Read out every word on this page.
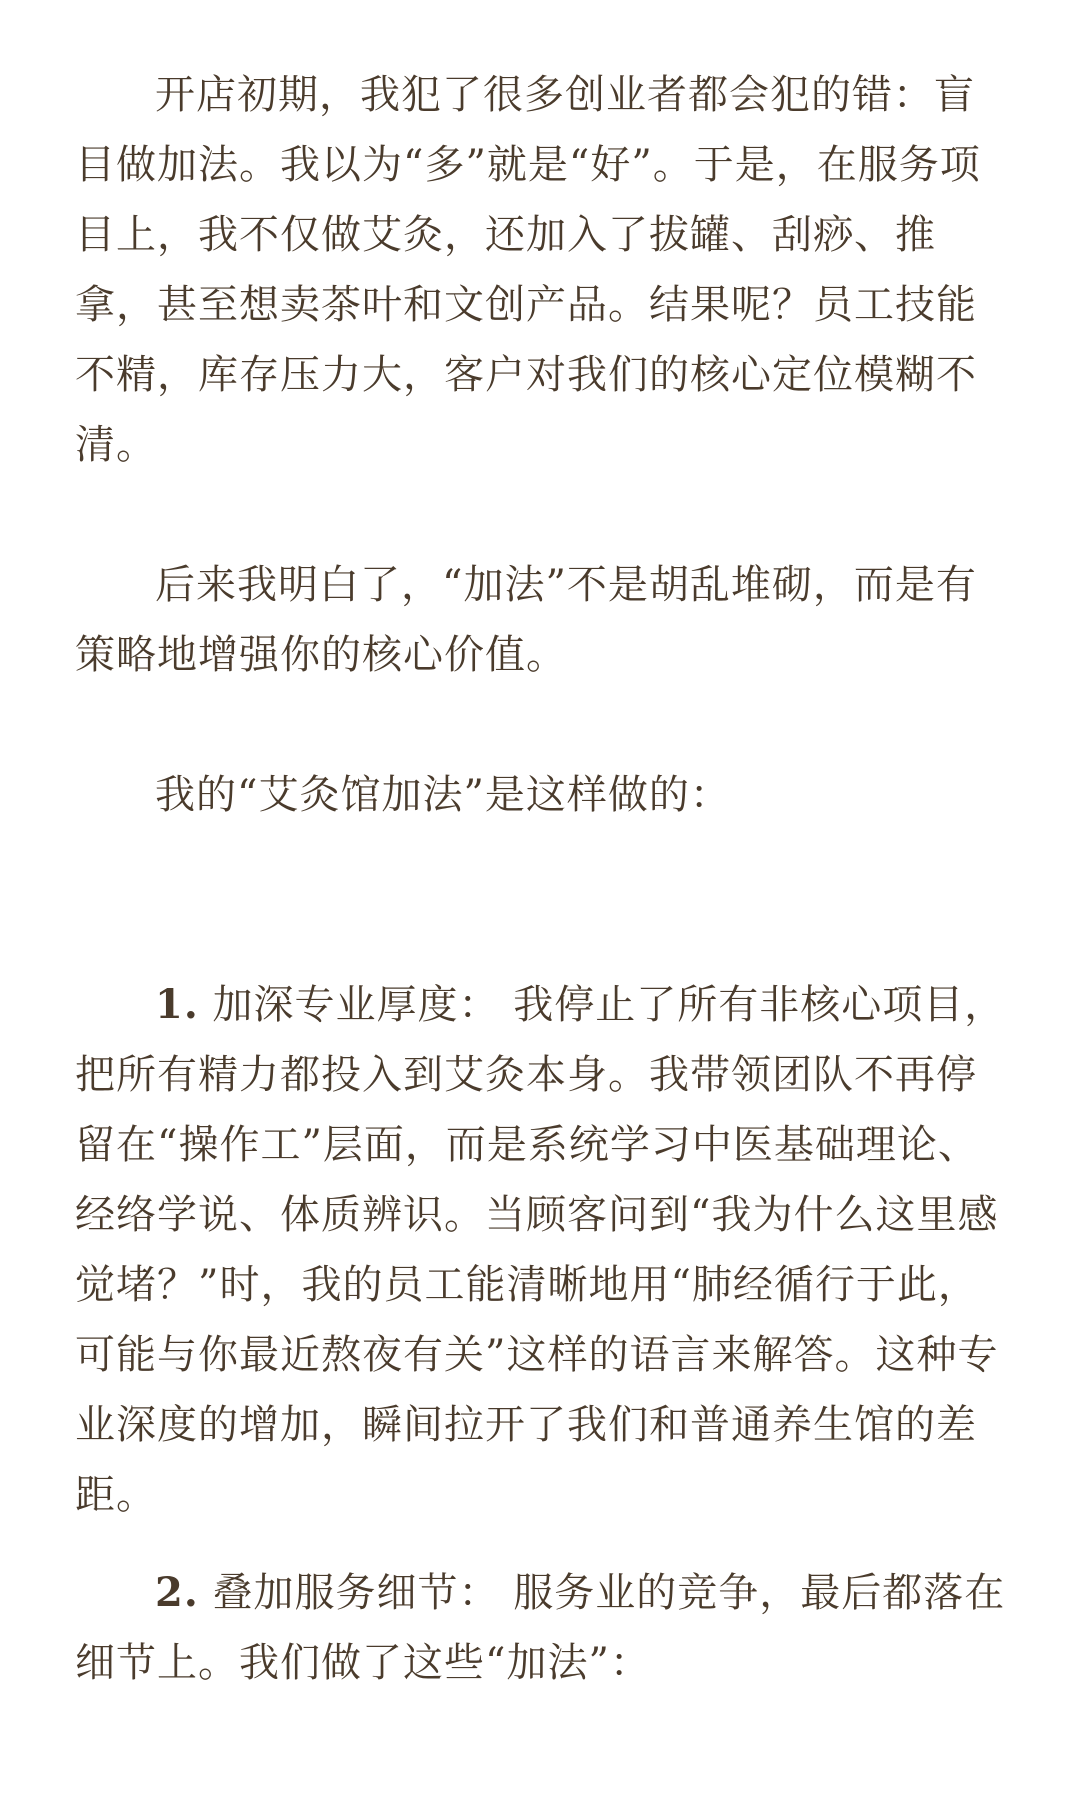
开店初期，我犯了很多创业者都会犯的错：盲目做加法。我以为“多”就是“好”。于是，在服务项目上，我不仅做艾灸，还加入了拔罐、刮痧、推拿，甚至想卖茶叶和文创产品。结果呢？员工技能不精，库存压力大，客户对我们的核心定位模糊不清。

后来我明白了，“加法”不是胡乱堆砌，而是有策略地增强你的核心价值。

我的“艾灸馆加法”是这样做的：

1. 加深专业厚度： 我停止了所有非核心项目，把所有精力都投入到艾灸本身。我带领团队不再停留在“操作工”层面，而是系统学习中医基础理论、经络学说、体质辨识。当顾客问到“我为什么这里感觉堵？”时，我的员工能清晰地用“肺经循行于此，可能与你最近熬夜有关”这样的语言来解答。这种专业深度的增加，瞬间拉开了我们和普通养生馆的差距。

2. 叠加服务细节： 服务业的竞争，最后都落在细节上。我们做了这些“加法”：
